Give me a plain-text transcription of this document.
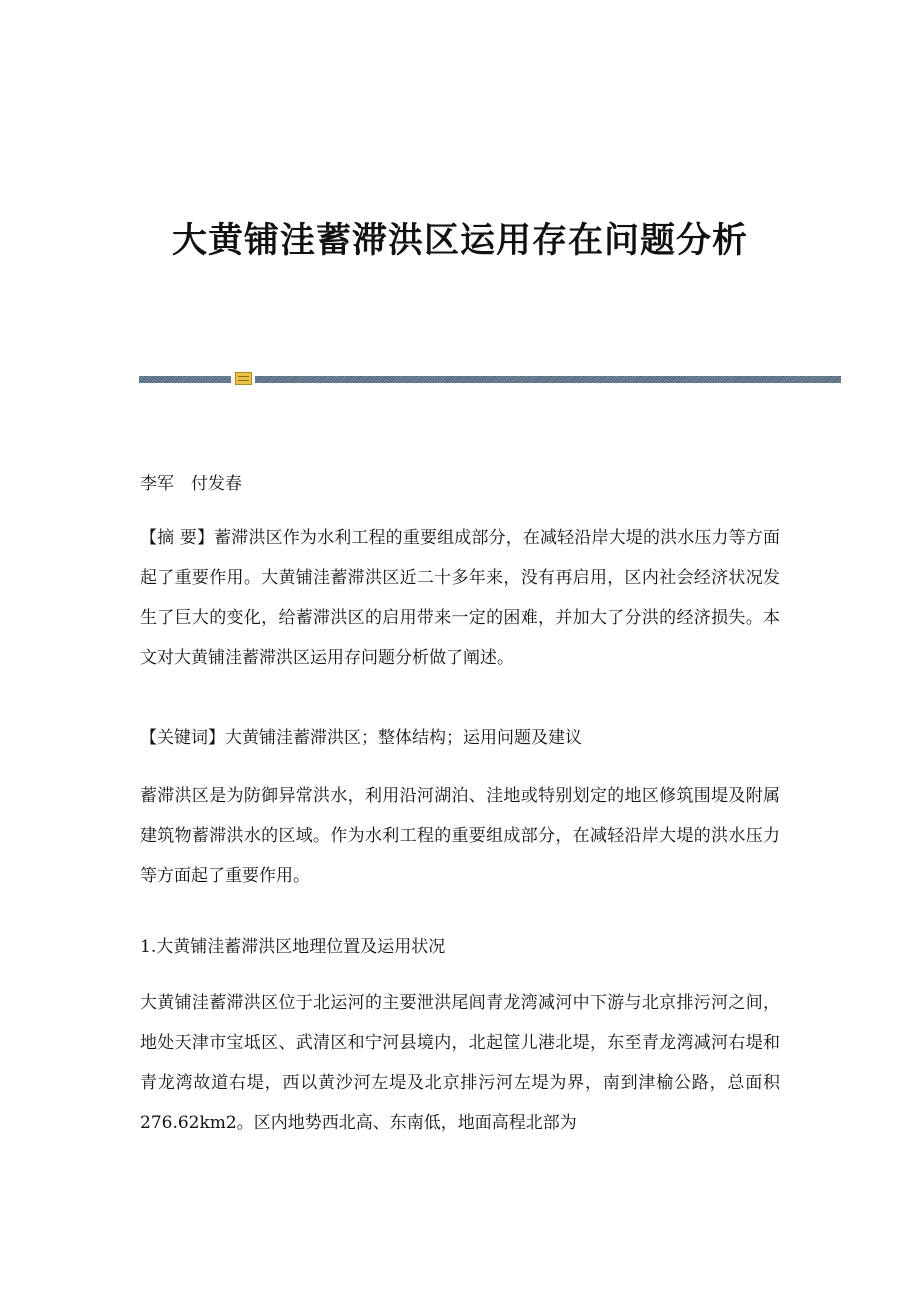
大黄铺洼蓄滞洪区运用存在问题分析
李军　付发春
【摘 要】蓄滞洪区作为水利工程的重要组成部分，在减轻沿岸大堤的洪水压力等方面起了重要作用。大黄铺洼蓄滞洪区近二十多年来，没有再启用，区内社会经济状况发生了巨大的变化，给蓄滞洪区的启用带来一定的困难，并加大了分洪的经济损失。本文对大黄铺洼蓄滞洪区运用存问题分析做了阐述。
【关键词】大黄铺洼蓄滞洪区；整体结构；运用问题及建议
蓄滞洪区是为防御异常洪水，利用沿河湖泊、洼地或特别划定的地区修筑围堤及附属建筑物蓄滞洪水的区域。作为水利工程的重要组成部分，在减轻沿岸大堤的洪水压力等方面起了重要作用。
1.大黄铺洼蓄滞洪区地理位置及运用状况
大黄铺洼蓄滞洪区位于北运河的主要泄洪尾闾青龙湾减河中下游与北京排污河之间，地处天津市宝坻区、武清区和宁河县境内，北起筐儿港北堤，东至青龙湾减河右堤和青龙湾故道右堤，西以黄沙河左堤及北京排污河左堤为界，南到津榆公路，总面积276.62km2。区内地势西北高、东南低，地面高程北部为
